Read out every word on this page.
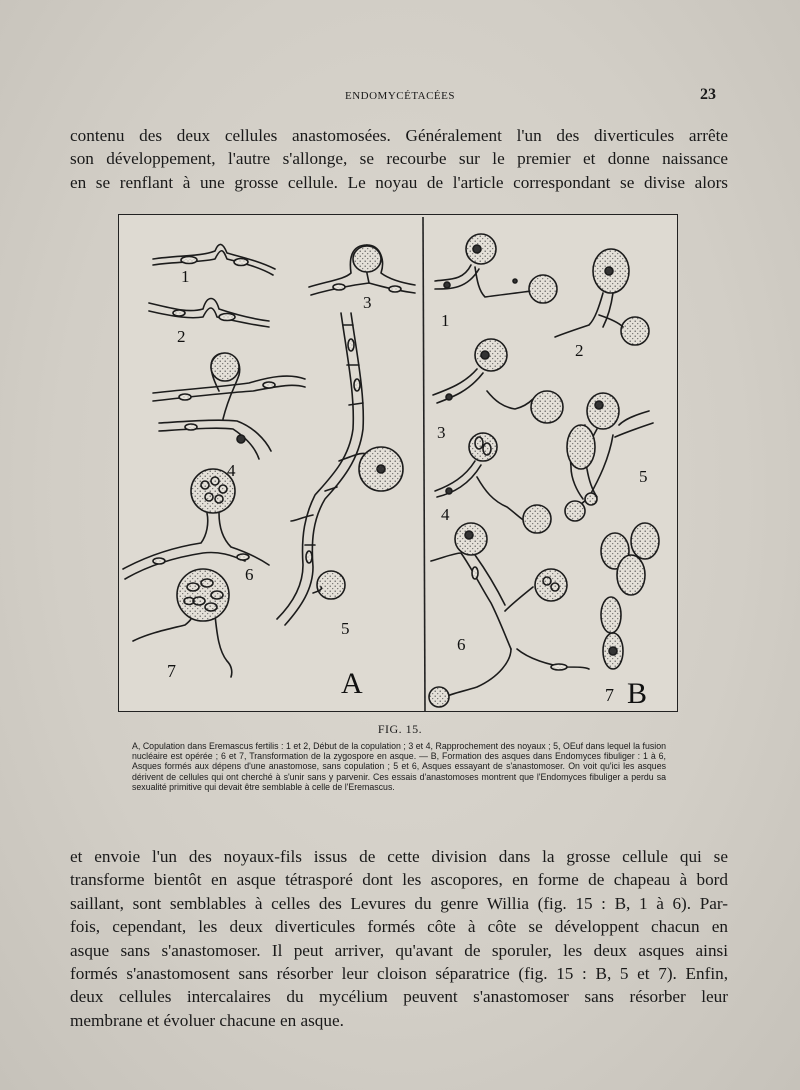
ENDOMYCÉTACÉES	23

contenu des deux cellules anastomosées. Généralement l'un des diverticules arrête
son développement, l'autre s'allonge, se recourbe sur le premier et donne naissance
en se renflant à une grosse cellule. Le noyau de l'article correspondant se divise alors

1
2
3
4
5
6
7	A
1
2
3
4
5
6
7 B
FIG. 15.

A, Copulation dans Eremascus fertilis : 1 et 2, Début de la copulation ; 3 et 4, Rapprochement des noyaux ; 5, OEuf dans lequel la fusion nucléaire est opérée ; 6 et 7, Transformation de la zygospore en asque. — B, Formation des asques dans Endomyces fibuliger : 1 à 6, Asques formés aux dépens d'une anastomose, sans copulation ; 5 et 6, Asques essayant de s'anastomoser. On voit qu'ici les asques dérivent de cellules qui ont cherché à s'unir sans y parvenir. Ces essais d'anastomoses montrent que l'Endomyces fibuliger a perdu sa sexualité primitive qui devait être semblable à celle de l'Eremascus.

et envoie l'un des noyaux-fils issus de cette division dans la grosse cellule qui se
transforme bientôt en asque tétrasporé dont les ascopores, en forme de chapeau à bord
saillant, sont semblables à celles des Levures du genre Willia (fig. 15 : B, 1 à 6). Par-
fois, cependant, les deux diverticules formés côte à côte se développent chacun en
asque sans s'anastomoser. Il peut arriver, qu'avant de sporuler, les deux asques ainsi
formés s'anastomosent sans résorber leur cloison séparatrice (fig. 15 : B, 5 et 7). Enfin,
deux cellules intercalaires du mycélium peuvent s'anastomoser sans résorber leur
membrane et évoluer chacune en asque.
